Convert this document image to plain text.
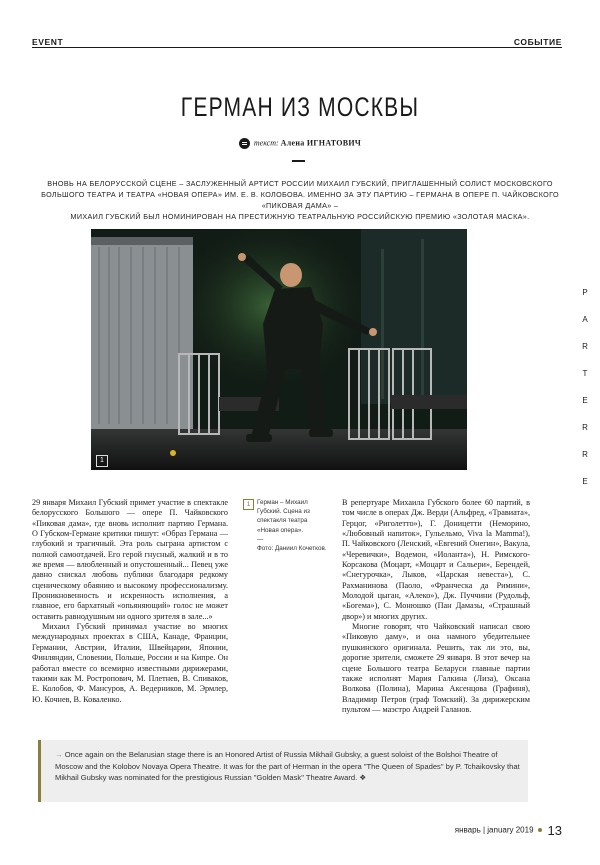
EVENT	СОБЫТИЕ
ГЕРМАН ИЗ МОСКВЫ
текст: Алена ИГНАТОВИЧ
ВНОВЬ НА БЕЛОРУССКОЙ СЦЕНЕ – ЗАСЛУЖЕННЫЙ АРТИСТ РОССИИ МИХАИЛ ГУБСКИЙ, ПРИГЛАШЕННЫЙ СОЛИСТ МОСКОВСКОГО
БОЛЬШОГО ТЕАТРА И ТЕАТРА «НОВАЯ ОПЕРА» ИМ. Е. В. КОЛОБОВА. ИМЕННО ЗА ЭТУ ПАРТИЮ – ГЕРМАНА В ОПЕРЕ П. ЧАЙКОВСКОГО «ПИКОВАЯ ДАМА» –
МИХАИЛ ГУБСКИЙ БЫЛ НОМИНИРОВАН НА ПРЕСТИЖНУЮ ТЕАТРАЛЬНУЮ РОССИЙСКУЮ ПРЕМИЮ «ЗОЛОТАЯ МАСКА».
1
P
A
R
T
E
R
R
E

29 января Михаил Губский примет участие в спектакле белорусского Большого — опере П. Чайковского «Пиковая дама», где вновь исполнит партию Германа. О Губском-Германе критики пишут: «Образ Германа — глубокий и трагичный. Эта роль сыграна артистом с полной самоотдачей. Его герой гнусный, жалкий и в то же время — влюбленный и опустошенный... Певец уже давно снискал любовь публики благодаря редкому сценическому обаянию и высокому профессионализму. Проникновенность и искренность исполнения, а главное, его бархатный «опьяняющий» голос не может оставить равнодушным ни одного зрителя в зале...»

Михаил Губский принимал участие во многих международных проектах в США, Канаде, Франции, Германии, Австрии, Италии, Швейцарии, Японии, Финляндии, Словении, Польше, России и на Кипре. Он работал вместе со всемирно известными дирижерами, такими как М. Ростропович, М. Плетнев, В. Спиваков, Е. Колобов, Ф. Мансуров, А. Ведерников, М. Эрмлер, Ю. Кочнев, В. Коваленко.

1	Герман – Михаил Губский. Сцена из спектакля театра «Новая опера».

—

Фото: Даниил Кочетков.

В репертуаре Михаила Губского более 60 партий, в том числе в операх Дж. Верди (Альфред, «Травиата», Герцог, «Риголетто»), Г. Доницетти (Неморино, «Любовный напиток», Гульельмо, Viva la Mamma!), П. Чайковского (Ленский, «Евгений Онегин», Вакула, «Черевички», Водемон, «Иоланта»), Н. Римского-Корсакова (Моцарт, «Моцарт и Сальери», Берендей, «Снегурочка», Лыков, «Царская невеста»), С. Рахманинова (Паоло, «Франческа да Римини», Молодой цыган, «Алеко»), Дж. Пуччини (Рудольф, «Богема»), С. Монюшко (Пан Дамазы, «Страшный двор») и многих других.

Многие говорят, что Чайковский написал свою «Пиковую даму», и она намного убедительнее пушкинского оригинала. Решить, так ли это, вы, дорогие зрители, сможете 29 января. В этот вечер на сцене Большого театра Беларуси главные партии также исполнят Мария Галкина (Лиза), Оксана Волкова (Полина), Марина Аксенцова (Графиня), Владимир Петров (граф Томский). За дирижерским пультом — маэстро Андрей Галанов.

→ Once again on the Belarusian stage there is an Honored Artist of Russia Mikhail Gubsky, a guest soloist of the Bolshoi Theatre of Moscow and the Kolobov Novaya Opera Theatre. It was for the part of Herman in the opera "The Queen of Spades" by P. Tchaikovsky that Mikhail Gubsky was nominated for the prestigious Russian "Golden Mask" Theatre Award. ❖
январь | january 2019 13
